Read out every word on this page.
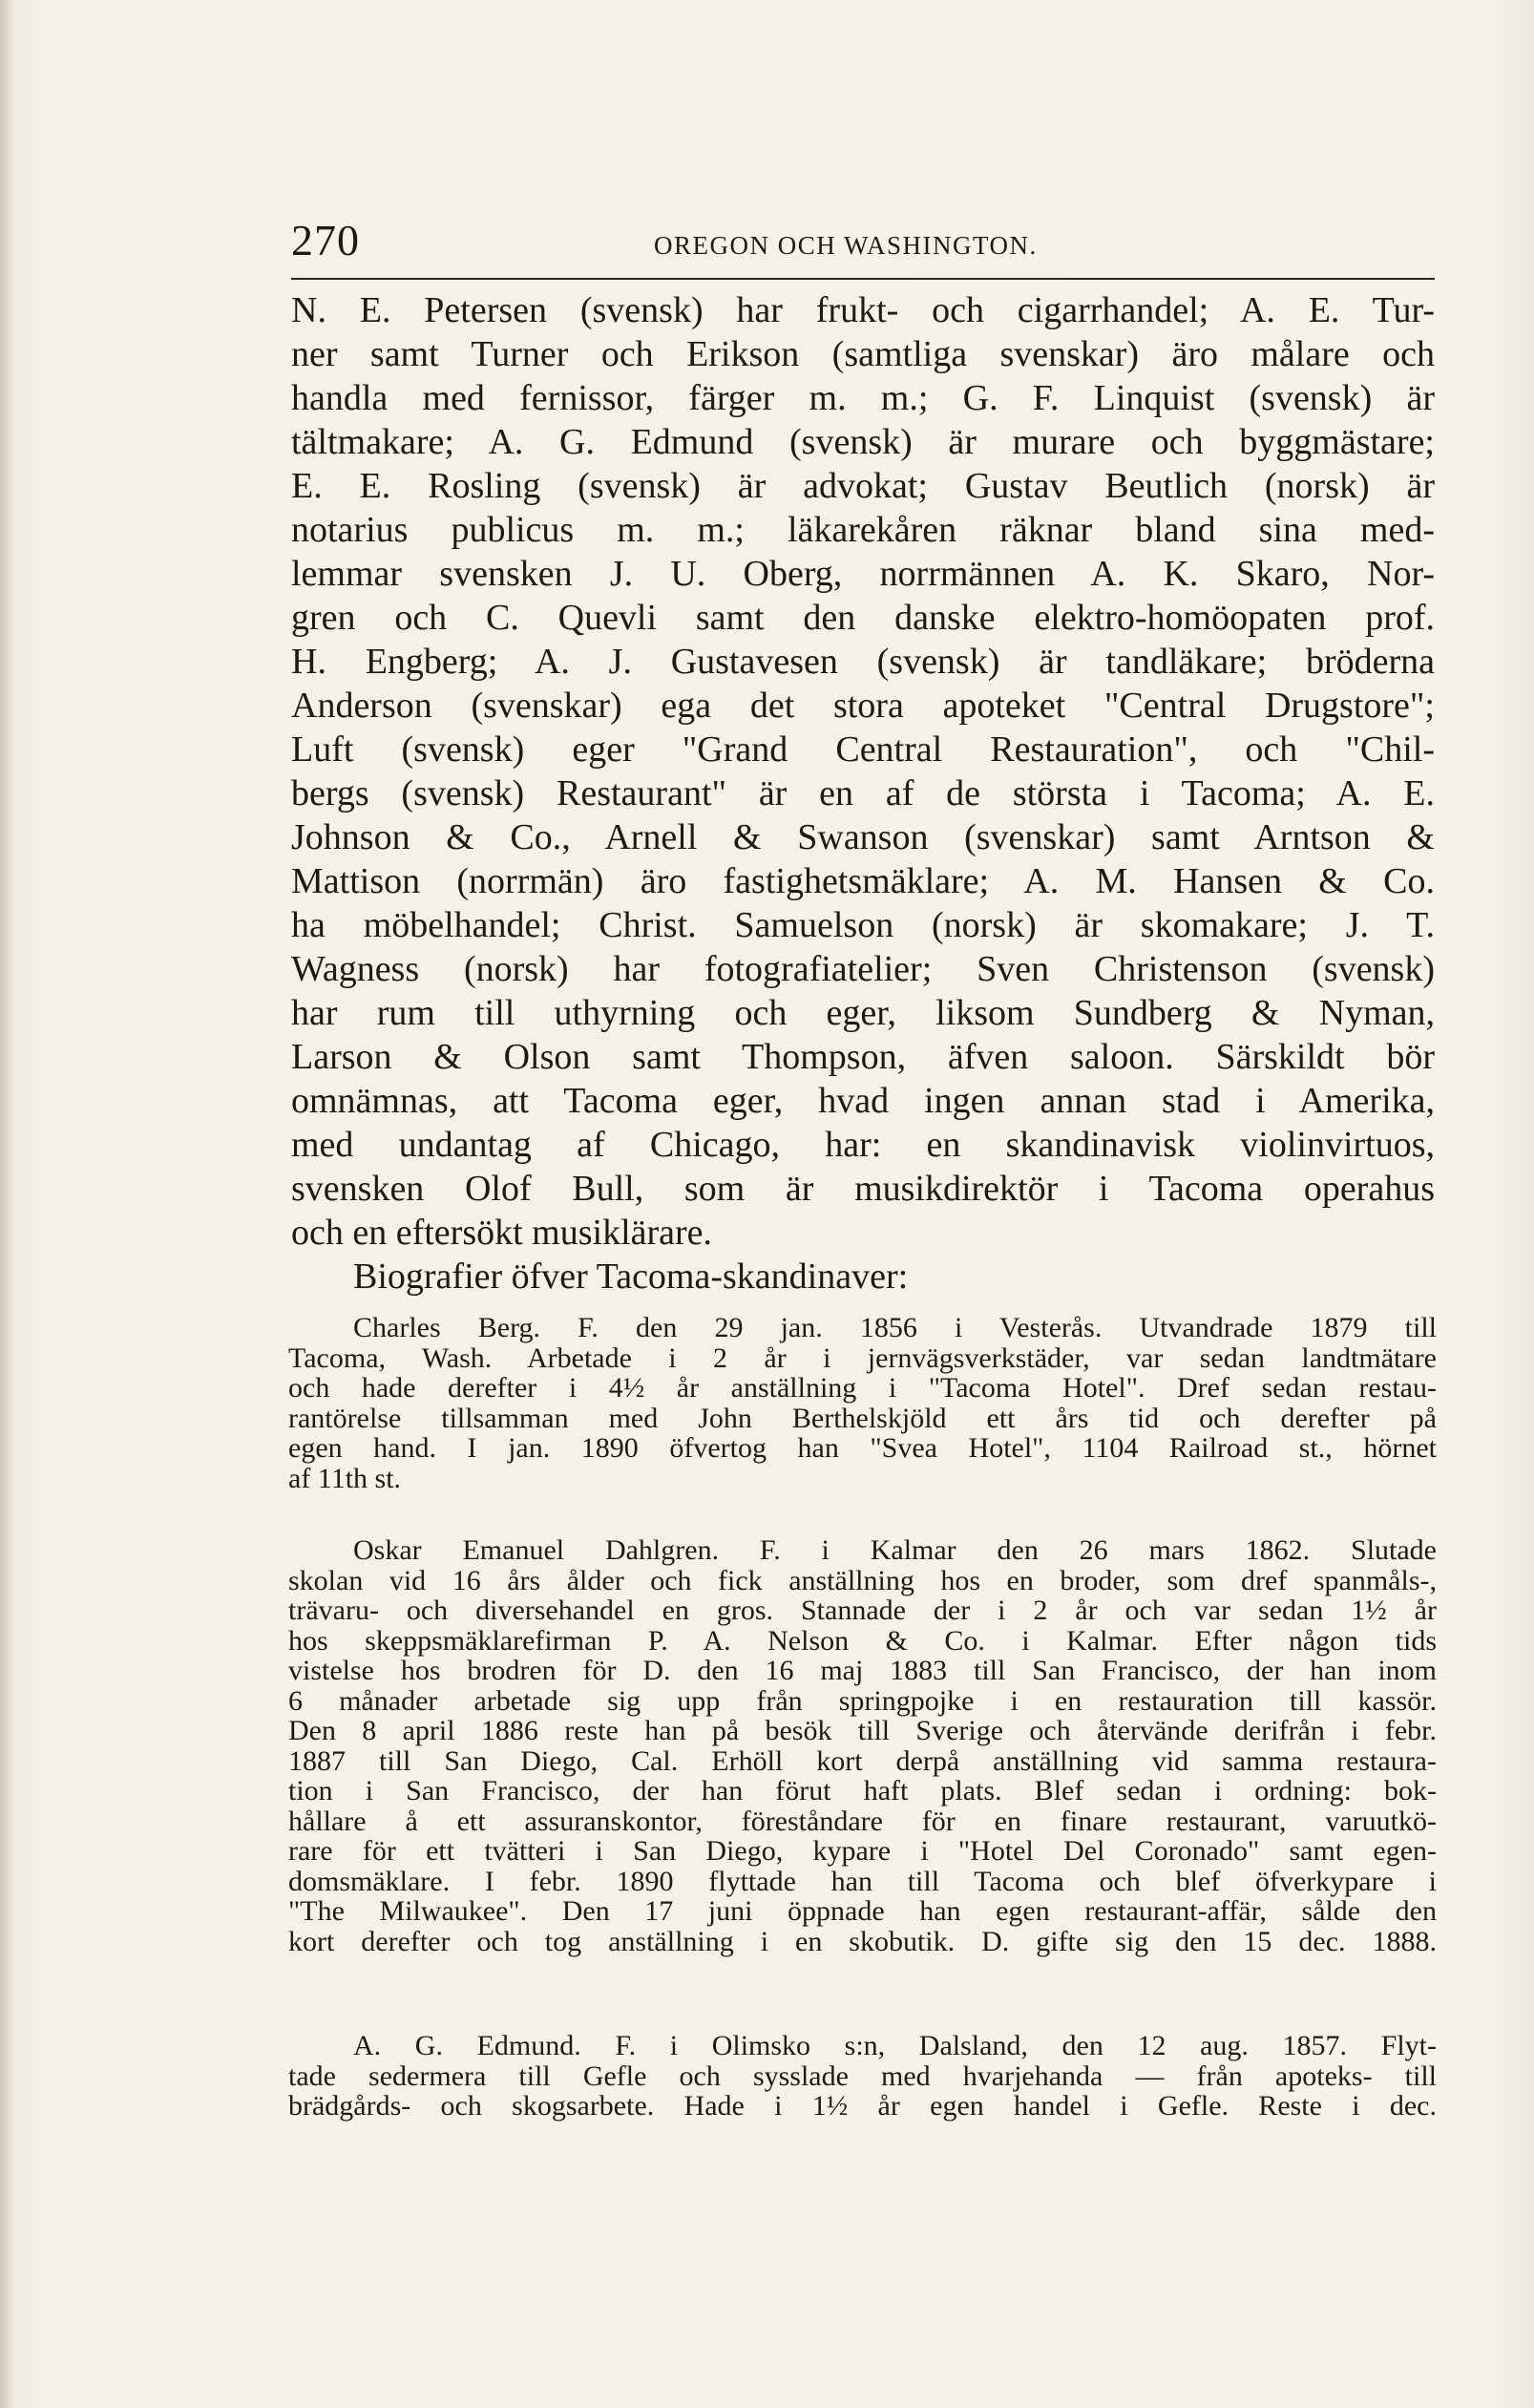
270	OREGON OCH WASHINGTON.
N. E. Petersen (svensk) har frukt- och cigarrhandel; A. E. Tur-
ner samt Turner och Erikson (samtliga svenskar) äro målare och
handla med fernissor, färger m. m.; G. F. Linquist (svensk) är
tältmakare; A. G. Edmund (svensk) är murare och byggmästare;
E. E. Rosling (svensk) är advokat; Gustav Beutlich (norsk) är
notarius publicus m. m.; läkarekåren räknar bland sina med-
lemmar svensken J. U. Oberg, norrmännen A. K. Skaro, Nor-
gren och C. Quevli samt den danske elektro-homöopaten prof.
H. Engberg; A. J. Gustavesen (svensk) är tandläkare; bröderna
Anderson (svenskar) ega det stora apoteket "Central Drugstore";
Luft (svensk) eger "Grand Central Restauration", och "Chil-
bergs (svensk) Restaurant" är en af de största i Tacoma; A. E.
Johnson & Co., Arnell & Swanson (svenskar) samt Arntson &
Mattison (norrmän) äro fastighetsmäklare; A. M. Hansen & Co.
ha möbelhandel; Christ. Samuelson (norsk) är skomakare; J. T.
Wagness (norsk) har fotografiatelier; Sven Christenson (svensk)
har rum till uthyrning och eger, liksom Sundberg & Nyman,
Larson & Olson samt Thompson, äfven saloon. Särskildt bör
omnämnas, att Tacoma eger, hvad ingen annan stad i Amerika,
med undantag af Chicago, har: en skandinavisk violinvirtuos,
svensken Olof Bull, som är musikdirektör i Tacoma operahus
och en eftersökt musiklärare.
Biografier öfver Tacoma-skandinaver:
Charles Berg. F. den 29 jan. 1856 i Vesterås. Utvandrade 1879 till
Tacoma, Wash. Arbetade i 2 år i jernvägsverkstäder, var sedan landtmätare
och hade derefter i 4½ år anställning i "Tacoma Hotel". Dref sedan restau-
rantörelse tillsamman med John Berthelskjöld ett års tid och derefter på
egen hand. I jan. 1890 öfvertog han "Svea Hotel", 1104 Railroad st., hörnet
af 11th st.
Oskar Emanuel Dahlgren. F. i Kalmar den 26 mars 1862. Slutade
skolan vid 16 års ålder och fick anställning hos en broder, som dref spanmåls-,
trävaru- och diversehandel en gros. Stannade der i 2 år och var sedan 1½ år
hos skeppsmäklarefirman P. A. Nelson & Co. i Kalmar. Efter någon tids
vistelse hos brodren för D. den 16 maj 1883 till San Francisco, der han inom
6 månader arbetade sig upp från springpojke i en restauration till kassör.
Den 8 april 1886 reste han på besök till Sverige och återvände derifrån i febr.
1887 till San Diego, Cal. Erhöll kort derpå anställning vid samma restaura-
tion i San Francisco, der han förut haft plats. Blef sedan i ordning: bok-
hållare å ett assuranskontor, föreståndare för en finare restaurant, varuutkö-
rare för ett tvätteri i San Diego, kypare i "Hotel Del Coronado" samt egen-
domsmäklare. I febr. 1890 flyttade han till Tacoma och blef öfverkypare i
"The Milwaukee". Den 17 juni öppnade han egen restaurant-affär, sålde den
kort derefter och tog anställning i en skobutik. D. gifte sig den 15 dec. 1888.
A. G. Edmund. F. i Olimsko s:n, Dalsland, den 12 aug. 1857. Flyt-
tade sedermera till Gefle och sysslade med hvarjehanda — från apoteks- till
brädgårds- och skogsarbete. Hade i 1½ år egen handel i Gefle. Reste i dec.
